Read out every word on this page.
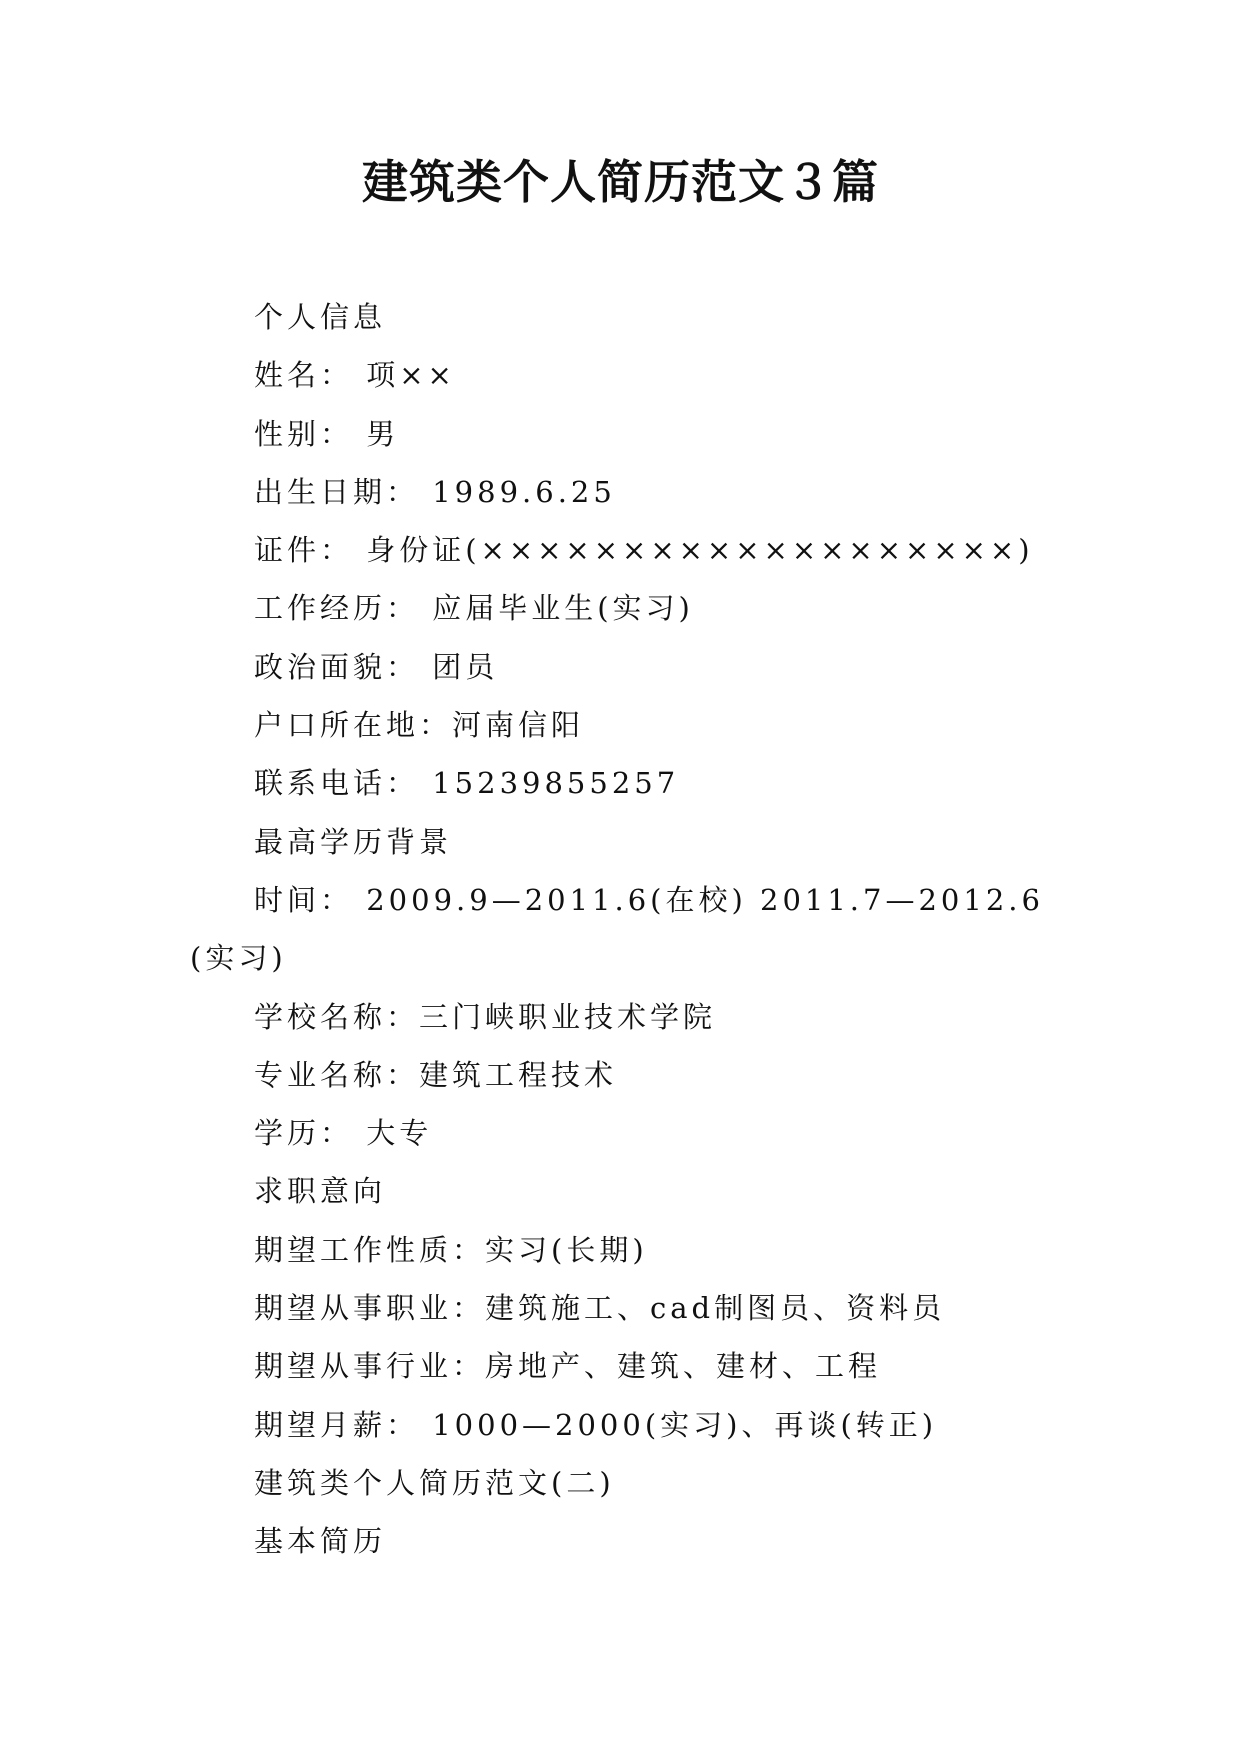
建筑类个人简历范文３篇

个人信息

姓名： 项××

性别： 男

出生日期： 1989.6.25

证件： 身份证(×××××××××××××××××××)

工作经历： 应届毕业生(实习)

政治面貌： 团员

户口所在地：河南信阳

联系电话： 15239855257

最高学历背景

时间： 2009.9—2011.6(在校) 2011.7—2012.6(实习)

学校名称：三门峡职业技术学院

专业名称：建筑工程技术

学历： 大专

求职意向

期望工作性质：实习(长期)

期望从事职业：建筑施工、cad制图员、资料员

期望从事行业：房地产、建筑、建材、工程

期望月薪： 1000—2000(实习)、再谈(转正)

建筑类个人简历范文(二)

基本简历
